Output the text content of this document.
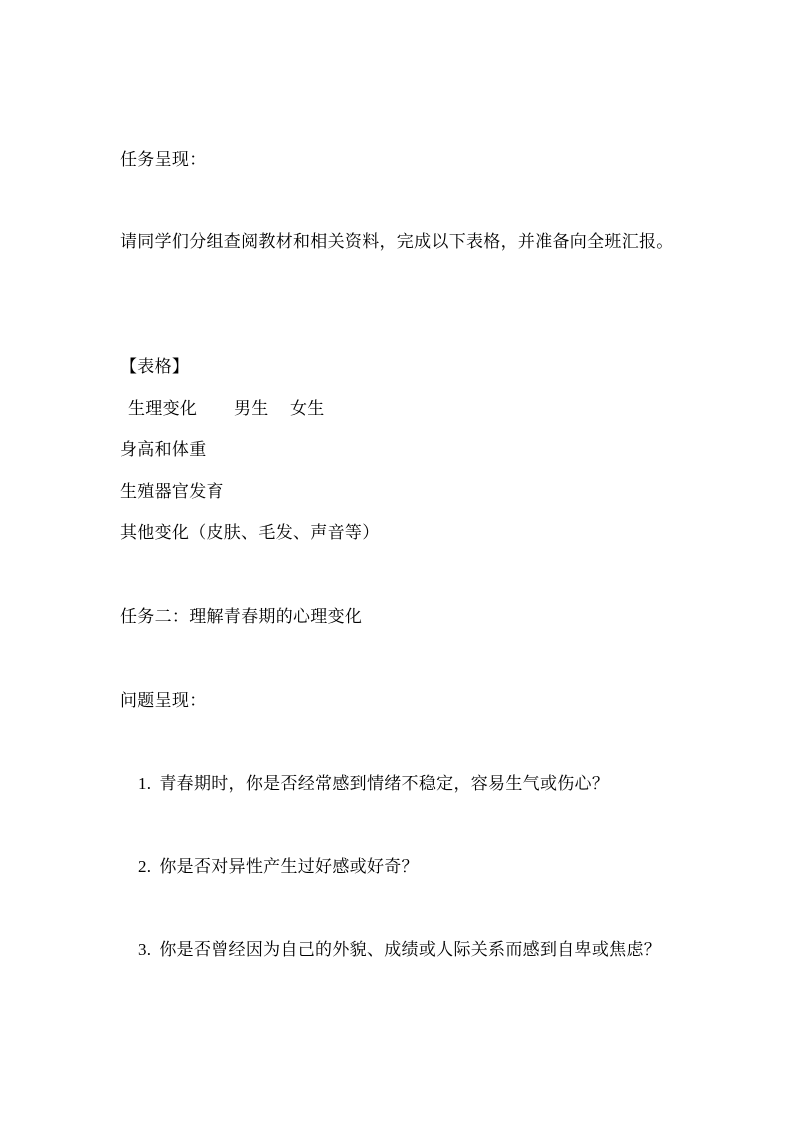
任务呈现：
请同学们分组查阅教材和相关资料，完成以下表格，并准备向全班汇报。
【表格】
生理变化 男生 女生
身高和体重
生殖器官发育
其他变化（皮肤、毛发、声音等）
任务二：理解青春期的心理变化
问题呈现：
1. 青春期时，你是否经常感到情绪不稳定，容易生气或伤心？
2. 你是否对异性产生过好感或好奇？
3. 你是否曾经因为自己的外貌、成绩或人际关系而感到自卑或焦虑？
